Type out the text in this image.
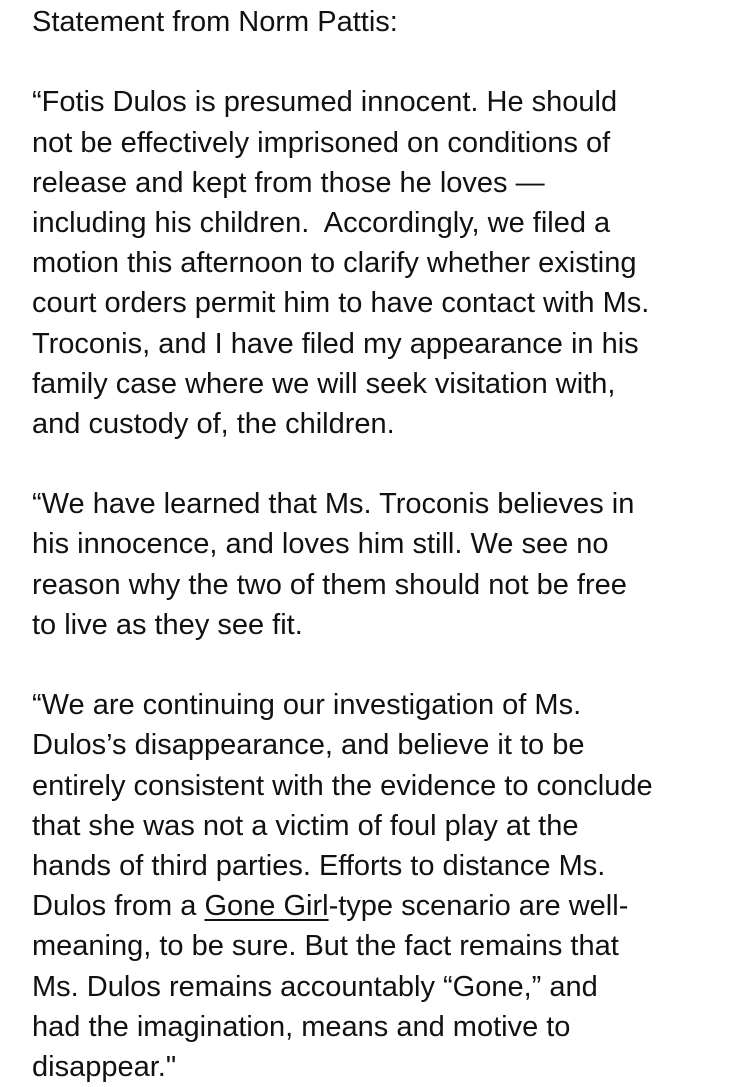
Statement from Norm Pattis:
“Fotis Dulos is presumed innocent. He should
not be effectively imprisoned on conditions of
release and kept from those he loves —
including his children.  Accordingly, we filed a
motion this afternoon to clarify whether existing
court orders permit him to have contact with Ms.
Troconis, and I have filed my appearance in his
family case where we will seek visitation with,
and custody of, the children.
“We have learned that Ms. Troconis believes in
his innocence, and loves him still. We see no
reason why the two of them should not be free
to live as they see fit.
“We are continuing our investigation of Ms.
Dulos’s disappearance, and believe it to be
entirely consistent with the evidence to conclude
that she was not a victim of foul play at the
hands of third parties. Efforts to distance Ms.
Dulos from a Gone Girl-type scenario are well-
meaning, to be sure. But the fact remains that
Ms. Dulos remains accountably “Gone,” and
had the imagination, means and motive to
disappear."
